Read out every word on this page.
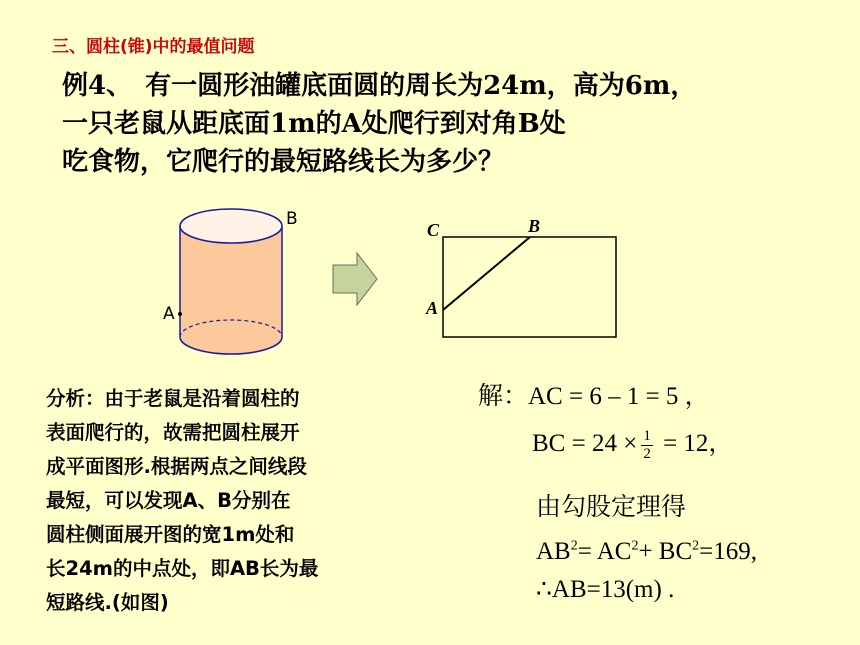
三、圆柱(锥)中的最值问题
例4、　有一圆形油罐底面圆的周长为24m，高为6m，
一只老鼠从距底面1m的A处爬行到对角B处
吃食物，它爬行的最短路线长为多少？
A
B
C	B
A
分析：由于老鼠是沿着圆柱的
表面爬行的，故需把圆柱展开
成平面图形.根据两点之间线段
最短，可以发现A、B分别在
圆柱侧面展开图的宽1m处和
长24m的中点处，即AB长为最
短路线.(如图)
解：AC = 6 – 1 = 5 ，
BC = $24 \times \frac{1}{2} = 12$，
由勾股定理得
$AB^2= AC^2+ BC^2=169$,
∴AB=13(m) .
